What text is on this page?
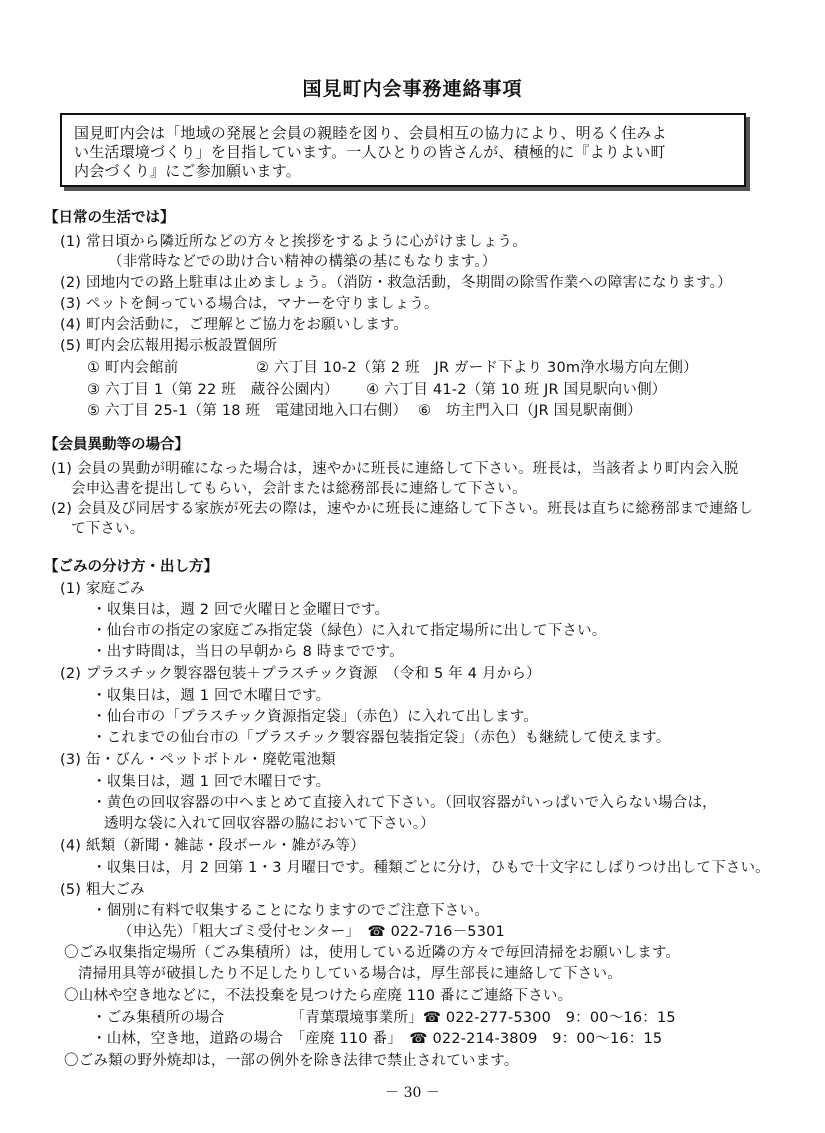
国見町内会事務連絡事項
国見町内会は「地域の発展と会員の親睦を図り、会員相互の協力により、明るく住みよ
い生活環境づくり」を目指しています。一人ひとりの皆さんが、積極的に『よりよい町
内会づくり』にご参加願います。
【日常の生活では】
(1) 常日頃から隣近所などの方々と挨拶をするように心がけましょう。
（非常時などでの助け合い精神の構築の基にもなります。）
(2) 団地内での路上駐車は止めましょう。（消防・救急活動，冬期間の除雪作業への障害になります。）
(3) ペットを飼っている場合は，マナーを守りましょう。
(4) 町内会活動に，ご理解とご協力をお願いします。
(5) 町内会広報用掲示板設置個所
① 町内会館前	② 六丁目 10-2（第 2 班　JR ガード下より 30m浄水場方向左側）
③ 六丁目 1（第 22 班　蔵谷公園内） ④ 六丁目 41-2（第 10 班 JR 国見駅向い側）
⑤ 六丁目 25-1（第 18 班　電建団地入口右側） ⑥　坊主門入口（JR 国見駅南側）
【会員異動等の場合】
(1) 会員の異動が明確になった場合は，速やかに班長に連絡して下さい。班長は，当該者より町内会入脱
会申込書を提出してもらい，会計または総務部長に連絡して下さい。
(2) 会員及び同居する家族が死去の際は，速やかに班長に連絡して下さい。班長は直ちに総務部まで連絡し
て下さい。
【ごみの分け方・出し方】
(1) 家庭ごみ
・収集日は，週 2 回で火曜日と金曜日です。
・仙台市の指定の家庭ごみ指定袋（緑色）に入れて指定場所に出して下さい。
・出す時間は，当日の早朝から 8 時までです。
(2) プラスチック製容器包装＋プラスチック資源　（令和 5 年 4 月から）
・収集日は，週 1 回で木曜日です。
・仙台市の「プラスチック資源指定袋」（赤色）に入れて出します。
・これまでの仙台市の「プラスチック製容器包装指定袋」（赤色）も継続して使えます。
(3) 缶・びん・ペットボトル・廃乾電池類
・収集日は，週 1 回で木曜日です。
・黄色の回収容器の中へまとめて直接入れて下さい。（回収容器がいっぱいで入らない場合は，
透明な袋に入れて回収容器の脇において下さい。）
(4) 紙類（新聞・雑誌・段ボール・雑がみ等）
・収集日は，月 2 回第 1・3 月曜日です。種類ごとに分け，ひもで十文字にしばりつけ出して下さい。
(5) 粗大ごみ
・個別に有料で収集することになりますのでご注意下さい。
（申込先）「粗大ゴミ受付センター」　☎ 022-716－5301
〇ごみ収集指定場所（ごみ集積所）は，使用している近隣の方々で毎回清掃をお願いします。
清掃用具等が破損したり不足したりしている場合は，厚生部長に連絡して下さい。
〇山林や空き地などに，不法投棄を見つけたら産廃 110 番にご連絡下さい。
・ごみ集積所の場合　　　　　「青葉環境事業所」☎ 022-277-5300　9：00～16：15
・山林，空き地，道路の場合　「産廃 110 番」　☎ 022-214-3809　9：00～16：15
〇ごみ類の野外焼却は，一部の例外を除き法律で禁止されています。
－ 30 －
